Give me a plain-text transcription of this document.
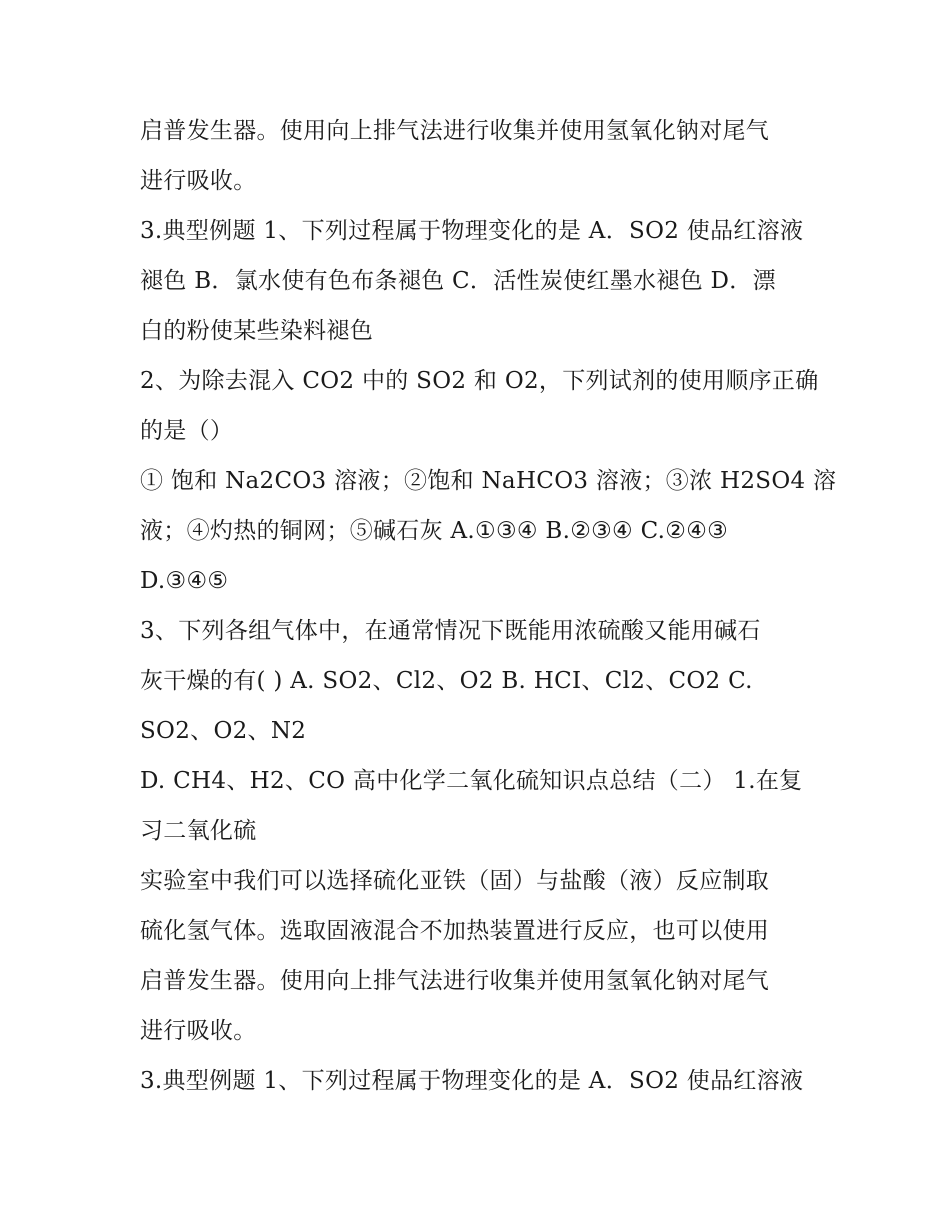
启普发生器。使用向上排气法进行收集并使用氢氧化钠对尾气
进行吸收。
3.典型例题 1、下列过程属于物理变化的是 A．SO2 使品红溶液
褪色 B．氯水使有色布条褪色 C．活性炭使红墨水褪色 D．漂
白的粉使某些染料褪色
2、为除去混入 CO2 中的 SO2 和 O2，下列试剂的使用顺序正确
的是（）
① 饱和 Na2CO3 溶液；②饱和 NaHCO3 溶液；③浓 H2SO4 溶
液；④灼热的铜网；⑤碱石灰 A.①③④ B.②③④ C.②④③
D.③④⑤
3、下列各组气体中，在通常情况下既能用浓硫酸又能用碱石
灰干燥的有( ) A. SO2、Cl2、O2 B. HCI、Cl2、CO2 C.
SO2、O2、N2
D. CH4、H2、CO 高中化学二氧化硫知识点总结（二） 1.在复
习二氧化硫
实验室中我们可以选择硫化亚铁（固）与盐酸（液）反应制取
硫化氢气体。选取固液混合不加热装置进行反应，也可以使用
启普发生器。使用向上排气法进行收集并使用氢氧化钠对尾气
进行吸收。
3.典型例题 1、下列过程属于物理变化的是 A．SO2 使品红溶液
